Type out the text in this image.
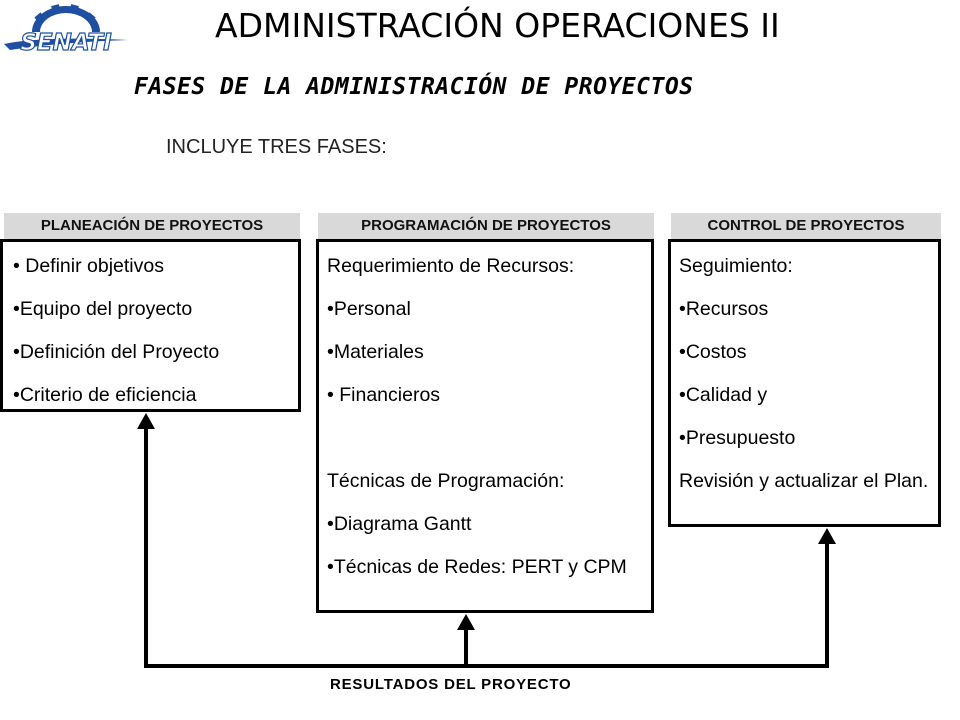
SENATI	ADMINISTRACIÓN OPERACIONES II
FASES DE LA ADMINISTRACIÓN DE PROYECTOS
INCLUYE TRES FASES:
PLANEACIÓN DE PROYECTOS

• Definir objetivos

•Equipo del proyecto

•Definición del Proyecto

•Criterio de eficiencia

PROGRAMACIÓN DE PROYECTOS

Requerimiento de Recursos:

•Personal

•Materiales

• Financieros

Técnicas de Programación:

•Diagrama Gantt

•Técnicas de Redes: PERT y CPM

CONTROL DE PROYECTOS

Seguimiento:

•Recursos

•Costos

•Calidad y

•Presupuesto

Revisión y actualizar el Plan.

RESULTADOS DEL PROYECTO
